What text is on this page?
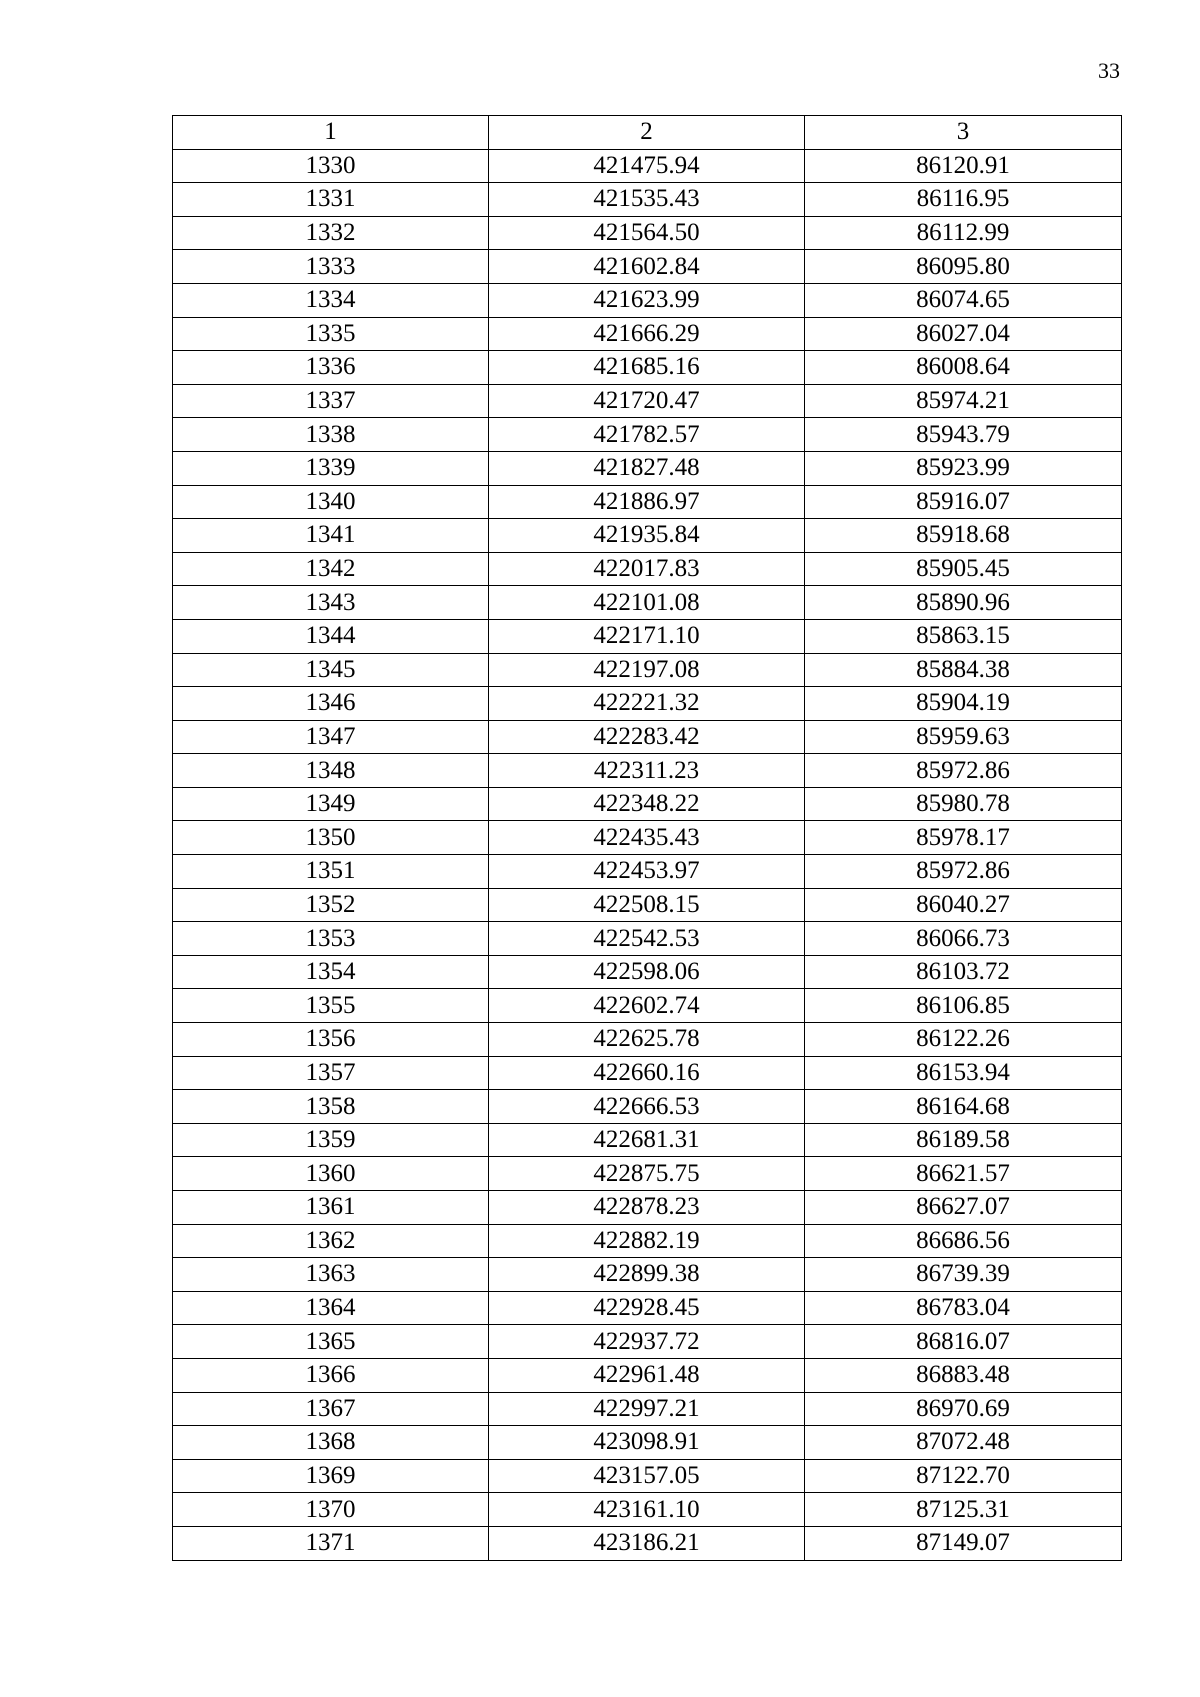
33
1	2	3
1330	421475.94	86120.91
1331	421535.43	86116.95
1332	421564.50	86112.99
1333	421602.84	86095.80
1334	421623.99	86074.65
1335	421666.29	86027.04
1336	421685.16	86008.64
1337	421720.47	85974.21
1338	421782.57	85943.79
1339	421827.48	85923.99
1340	421886.97	85916.07
1341	421935.84	85918.68
1342	422017.83	85905.45
1343	422101.08	85890.96
1344	422171.10	85863.15
1345	422197.08	85884.38
1346	422221.32	85904.19
1347	422283.42	85959.63
1348	422311.23	85972.86
1349	422348.22	85980.78
1350	422435.43	85978.17
1351	422453.97	85972.86
1352	422508.15	86040.27
1353	422542.53	86066.73
1354	422598.06	86103.72
1355	422602.74	86106.85
1356	422625.78	86122.26
1357	422660.16	86153.94
1358	422666.53	86164.68
1359	422681.31	86189.58
1360	422875.75	86621.57
1361	422878.23	86627.07
1362	422882.19	86686.56
1363	422899.38	86739.39
1364	422928.45	86783.04
1365	422937.72	86816.07
1366	422961.48	86883.48
1367	422997.21	86970.69
1368	423098.91	87072.48
1369	423157.05	87122.70
1370	423161.10	87125.31
1371	423186.21	87149.07
